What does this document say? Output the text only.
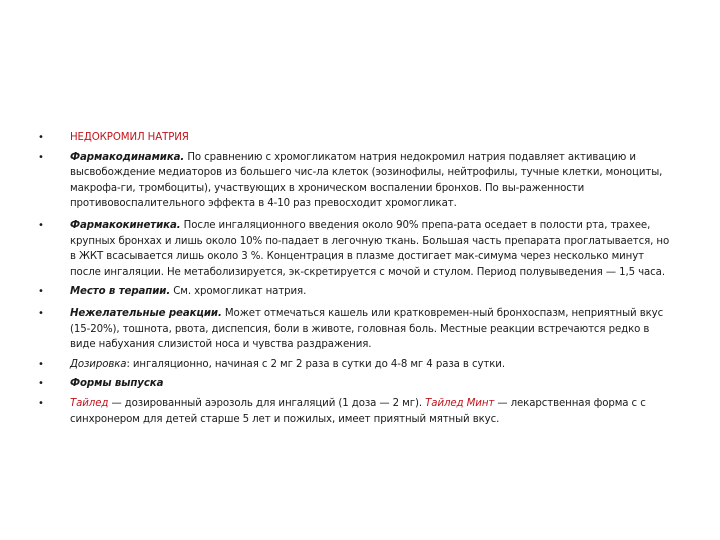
•	НЕДОКРОМИЛ НАТРИЯ
•	Фармакодинамика. По сравнению с хромогликатом натрия недокромил натрия подавляет активацию и высвобождение медиаторов из большего чис-ла клеток (эозинофилы, нейтрофилы, тучные клетки, моноциты, макрофа-ги, тромбоциты), участвующих в хроническом воспалении бронхов. По вы-раженности противовоспалительного эффекта в 4-10 раз превосходит хромогликат.
•	Фармакокинетика. После ингаляционного введения около 90% препа-рата оседает в полости рта, трахее, крупных бронхах и лишь около 10% по-падает в легочную ткань. Большая часть препарата проглатывается, но в ЖКТ всасывается лишь около 3 %. Концентрация в плазме достигает мак-симума через несколько минут после ингаляции. Не метаболизируется, эк-скретируется с мочой и стулом. Период полувыведения — 1,5 часа.
•	Место в терапии. См. хромогликат натрия.
•	Нежелательные реакции. Может отмечаться кашель или кратковремен-ный бронхоспазм, неприятный вкус (15-20%), тошнота, рвота, диспепсия, боли в животе, головная боль. Местные реакции встречаются редко в виде набухания слизистой носа и чувства раздражения.
•	Дозировка: ингаляционно, начиная с 2 мг 2 раза в сутки до 4-8 мг 4 раза в сутки.
•	Формы выпуска
•	Тайлед — дозированный аэрозоль для ингаляций (1 доза — 2 мг). Тайлед Минт — лекарственная форма с с синхронером для детей старше 5 лет и пожилых, имеет приятный мятный вкус.
